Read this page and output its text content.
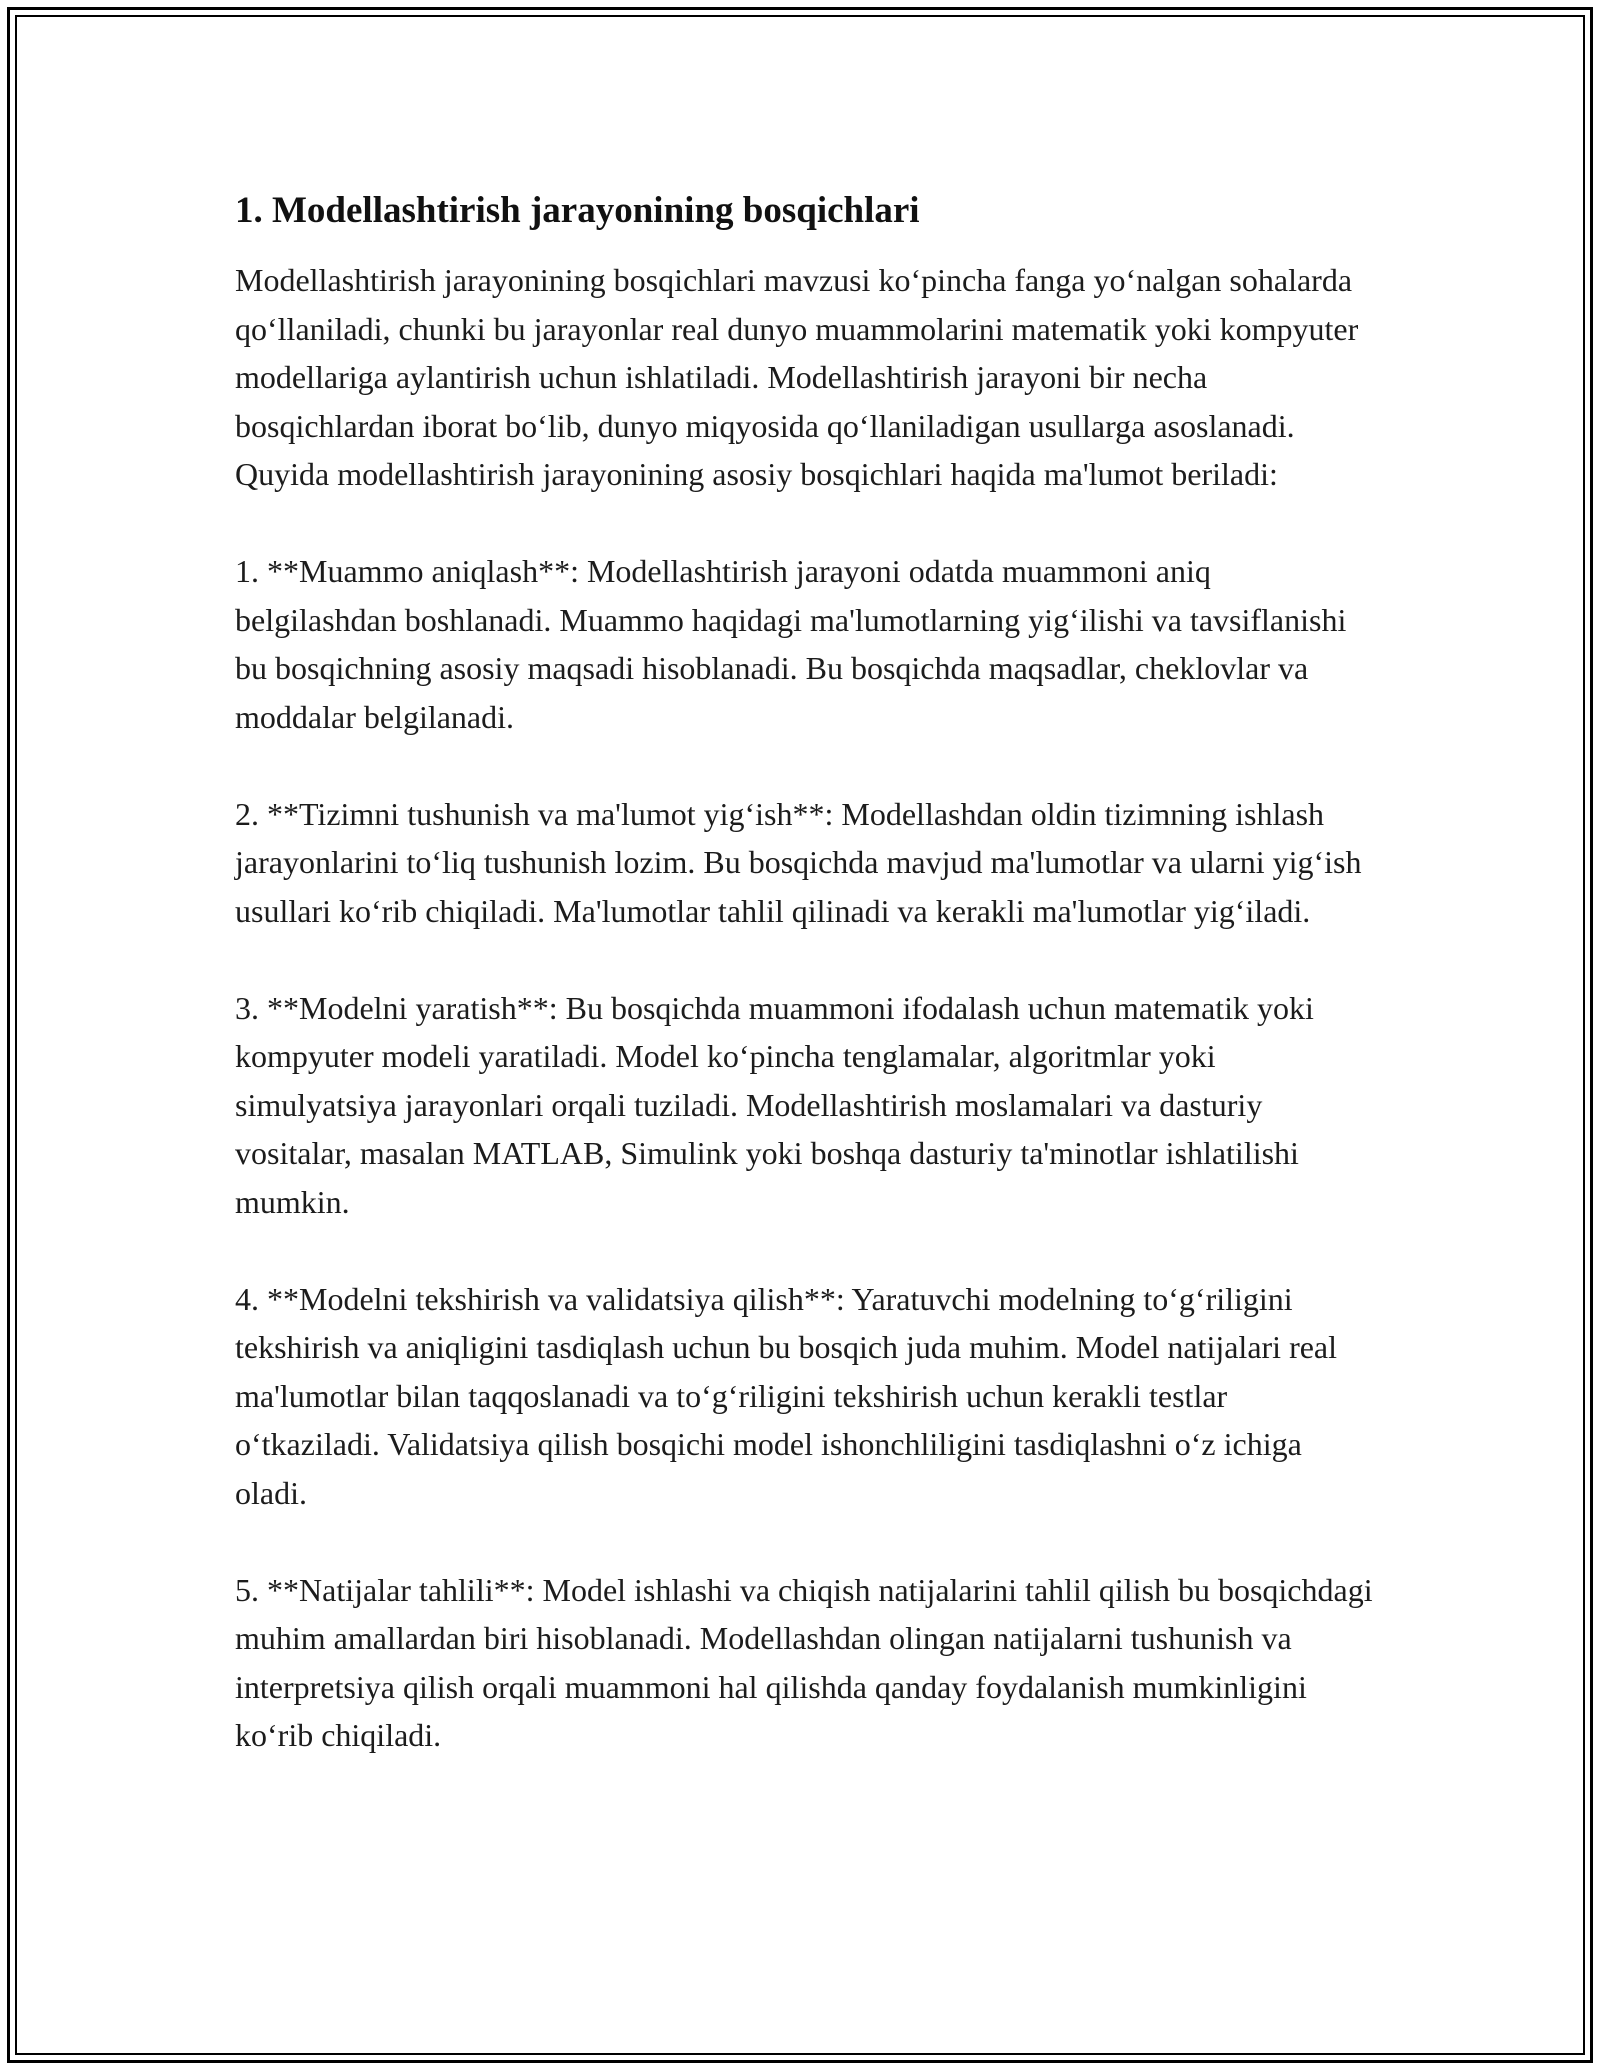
1. Modellashtirish jarayonining bosqichlari

Modellashtirish jarayonining bosqichlari mavzusi ko‘pincha fanga yo‘nalgan sohalarda qo‘llaniladi, chunki bu jarayonlar real dunyo muammolarini matematik yoki kompyuter modellariga aylantirish uchun ishlatiladi. Modellashtirish jarayoni bir necha bosqichlardan iborat bo‘lib, dunyo miqyosida qo‘llaniladigan usullarga asoslanadi. Quyida modellashtirish jarayonining asosiy bosqichlari haqida ma'lumot beriladi:

1. **Muammo aniqlash**: Modellashtirish jarayoni odatda muammoni aniq belgilashdan boshlanadi. Muammo haqidagi ma'lumotlarning yig‘ilishi va tavsiflanishi bu bosqichning asosiy maqsadi hisoblanadi. Bu bosqichda maqsadlar, cheklovlar va moddalar belgilanadi.

2. **Tizimni tushunish va ma'lumot yig‘ish**: Modellashdan oldin tizimning ishlash jarayonlarini to‘liq tushunish lozim. Bu bosqichda mavjud ma'lumotlar va ularni yig‘ish usullari ko‘rib chiqiladi. Ma'lumotlar tahlil qilinadi va kerakli ma'lumotlar yig‘iladi.

3. **Modelni yaratish**: Bu bosqichda muammoni ifodalash uchun matematik yoki kompyuter modeli yaratiladi. Model ko‘pincha tenglamalar, algoritmlar yoki simulyatsiya jarayonlari orqali tuziladi. Modellashtirish moslamalari va dasturiy vositalar, masalan MATLAB, Simulink yoki boshqa dasturiy ta'minotlar ishlatilishi mumkin.

4. **Modelni tekshirish va validatsiya qilish**: Yaratuvchi modelning to‘g‘riligini tekshirish va aniqligini tasdiqlash uchun bu bosqich juda muhim. Model natijalari real ma'lumotlar bilan taqqoslanadi va to‘g‘riligini tekshirish uchun kerakli testlar o‘tkaziladi. Validatsiya qilish bosqichi model ishonchliligini tasdiqlashni o‘z ichiga oladi.

5. **Natijalar tahlili**: Model ishlashi va chiqish natijalarini tahlil qilish bu bosqichdagi muhim amallardan biri hisoblanadi. Modellashdan olingan natijalarni tushunish va interpretsiya qilish orqali muammoni hal qilishda qanday foydalanish mumkinligini ko‘rib chiqiladi.
